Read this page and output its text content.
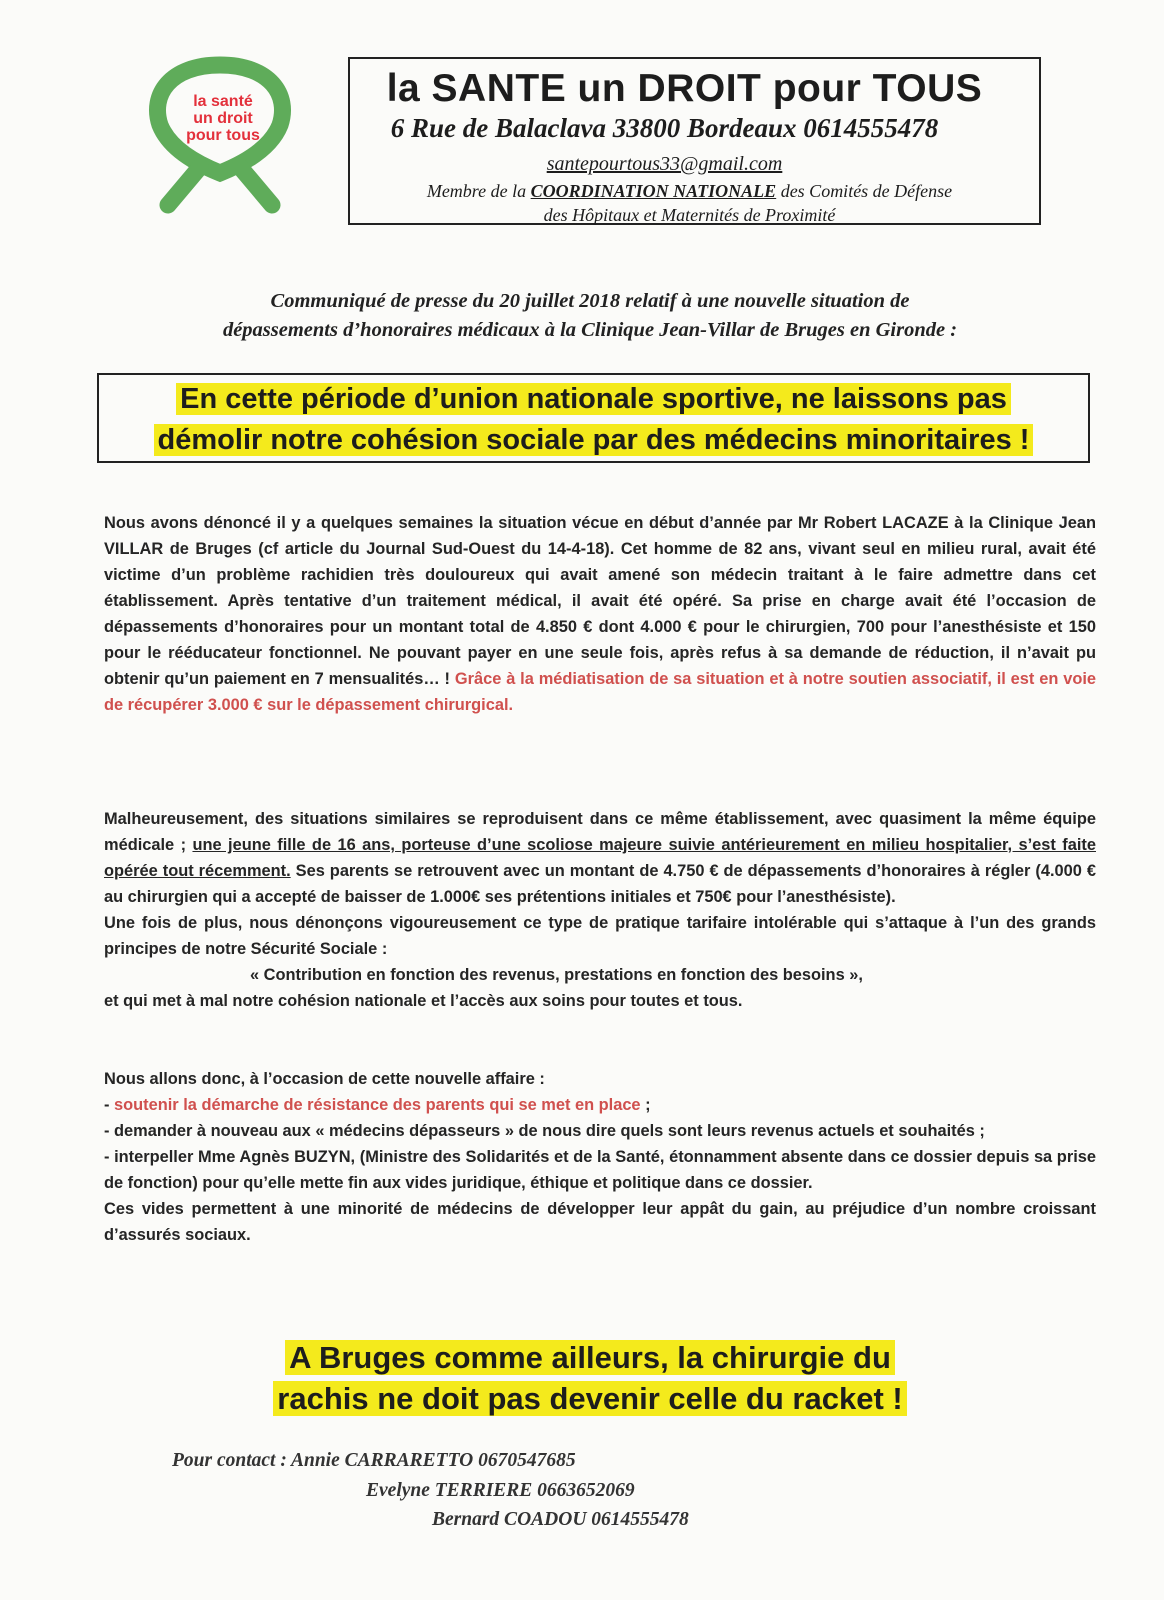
la santé
un droit
pour tous
la SANTE un DROIT pour TOUS
6 Rue de Balaclava 33800 Bordeaux 0614555478
santepourtous33@gmail.com
Membre de la COORDINATION NATIONALE des Comités de Défense
des Hôpitaux et Maternités de Proximité
Communiqué de presse du 20 juillet 2018 relatif à une nouvelle situation de
dépassements d’honoraires médicaux à la Clinique Jean-Villar de Bruges en Gironde :
En cette période d’union nationale sportive, ne laissons pas
démolir notre cohésion sociale par des médecins minoritaires !
Nous avons dénoncé il y a quelques semaines la situation vécue en début d’année par Mr Robert LACAZE à la Clinique Jean VILLAR de Bruges (cf article du Journal Sud-Ouest du 14-4-18). Cet homme de 82 ans, vivant seul en milieu rural, avait été victime d’un problème rachidien très douloureux qui avait amené son médecin traitant à le faire admettre dans cet établissement. Après tentative d’un traitement médical, il avait été opéré. Sa prise en charge avait été l’occasion de dépassements d’honoraires pour un montant total de 4.850 € dont 4.000 € pour le chirurgien, 700 pour l’anesthésiste et 150 pour le rééducateur fonctionnel. Ne pouvant payer en une seule fois, après refus à sa demande de réduction, il n’avait pu obtenir qu’un paiement en 7 mensualités… ! Grâce à la médiatisation de sa situation et à notre soutien associatif, il est en voie de récupérer 3.000 € sur le dépassement chirurgical.
Malheureusement, des situations similaires se reproduisent dans ce même établissement, avec quasiment la même équipe médicale ; une jeune fille de 16 ans, porteuse d’une scoliose majeure suivie antérieurement en milieu hospitalier, s’est faite opérée tout récemment. Ses parents se retrouvent avec un montant de 4.750 € de dépassements d’honoraires à régler (4.000 € au chirurgien qui a accepté de baisser de 1.000€ ses prétentions initiales et 750€ pour l’anesthésiste).
Une fois de plus, nous dénonçons vigoureusement ce type de pratique tarifaire intolérable qui s’attaque à l’un des grands principes de notre Sécurité Sociale :
« Contribution en fonction des revenus, prestations en fonction des besoins »,
et qui met à mal notre cohésion nationale et l’accès aux soins pour toutes et tous.
Nous allons donc, à l’occasion de cette nouvelle affaire :
- soutenir la démarche de résistance des parents qui se met en place ;
- demander à nouveau aux « médecins dépasseurs » de nous dire quels sont leurs revenus actuels et souhaités ;
- interpeller Mme Agnès BUZYN, (Ministre des Solidarités et de la Santé, étonnamment absente dans ce dossier depuis sa prise de fonction) pour qu’elle mette fin aux vides juridique, éthique et politique dans ce dossier.
Ces vides permettent à une minorité de médecins de développer leur appât du gain, au préjudice d’un nombre croissant d’assurés sociaux.
A Bruges comme ailleurs, la chirurgie du
rachis ne doit pas devenir celle du racket !
Pour contact : Annie CARRARETTO 0670547685
Evelyne TERRIERE 0663652069
Bernard COADOU 0614555478
